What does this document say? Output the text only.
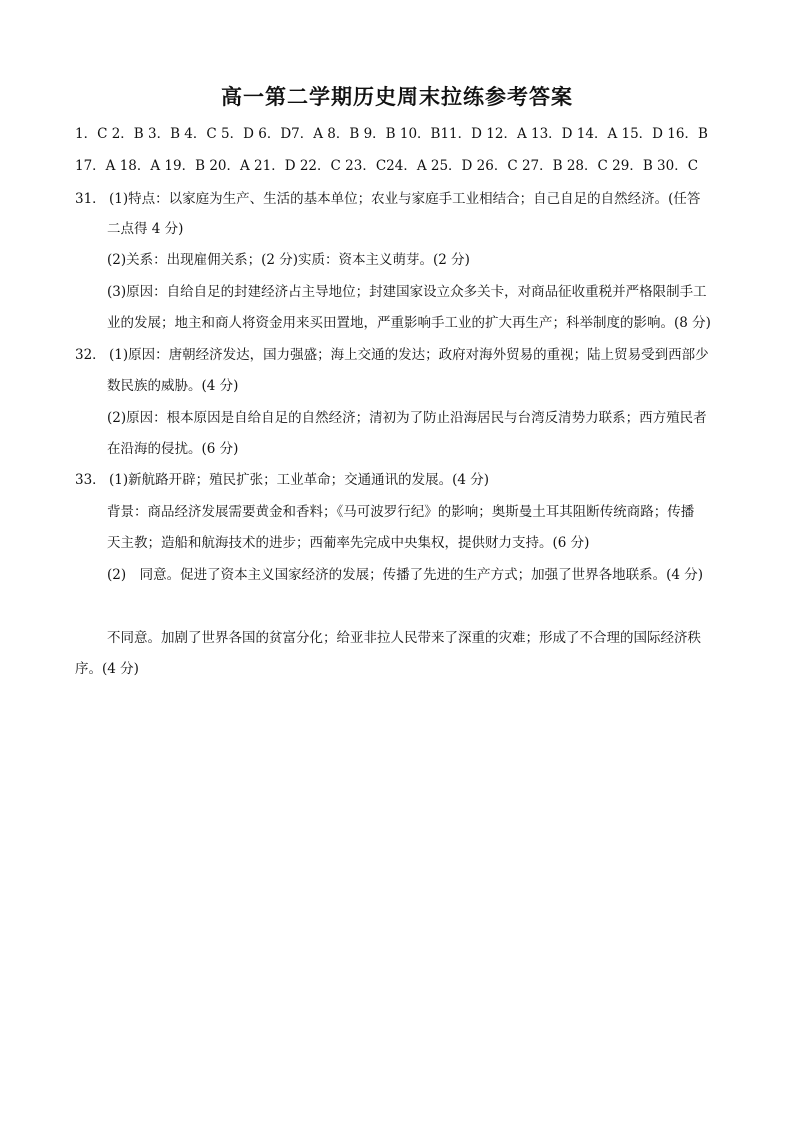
高一第二学期历史周末拉练参考答案
1．C 2．B 3．B 4．C 5．D 6．D7．A 8．B 9．B 10．B11．D 12．A 13．D 14．A 15．D 16．B
17．A 18．A 19．B 20．A 21．D 22．C 23．C24．A 25．D 26．C 27．B 28．C 29．B 30．C
31． (1)特点：以家庭为生产、生活的基本单位；农业与家庭手工业相结合；自己自足的自然经济。(任答
二点得 4 分)
(2)关系：出现雇佣关系；(2 分)实质：资本主义萌芽。(2 分)
(3)原因：自给自足的封建经济占主导地位；封建国家设立众多关卡，对商品征收重税并严格限制手工
业的发展；地主和商人将资金用来买田置地，严重影响手工业的扩大再生产；科举制度的影响。(8 分)
32． (1)原因：唐朝经济发达，国力强盛；海上交通的发达；政府对海外贸易的重视；陆上贸易受到西部少
数民族的威胁。(4 分)
(2)原因：根本原因是自给自足的自然经济；清初为了防止沿海居民与台湾反清势力联系；西方殖民者
在沿海的侵扰。(6 分)
33． (1)新航路开辟；殖民扩张；工业革命；交通通讯的发展。(4 分)
背景：商品经济发展需要黄金和香料；《马可波罗行纪》的影响；奥斯曼土耳其阻断传统商路；传播
天主教；造船和航海技术的进步；西葡率先完成中央集权，提供财力支持。(6 分)
(2)　同意。促进了资本主义国家经济的发展；传播了先进的生产方式；加强了世界各地联系。(4 分)
不同意。加剧了世界各国的贫富分化；给亚非拉人民带来了深重的灾难；形成了不合理的国际经济秩
序。(4 分)
